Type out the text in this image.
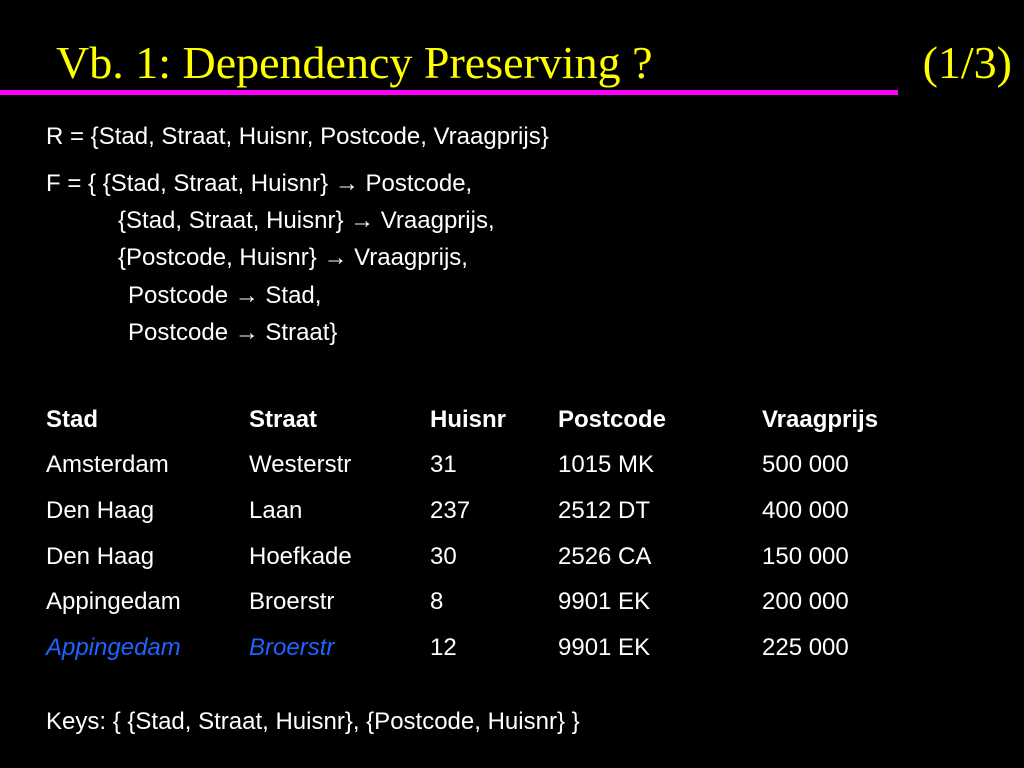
Vb. 1: Dependency Preserving ?	(1/3)
R = {Stad, Straat, Huisnr, Postcode, Vraagprijs}
F = { {Stad, Straat, Huisnr} → Postcode,
{Stad, Straat, Huisnr} → Vraagprijs,
{Postcode, Huisnr} → Vraagprijs,
Postcode → Stad,
Postcode → Straat}
Stad	Straat	Huisnr	Postcode	Vraagprijs
Amsterdam	Westerstr	31	1015 MK	500 000
Den Haag	Laan	237	2512 DT	400 000
Den Haag	Hoefkade	30	2526 CA	150 000
Appingedam	Broerstr	8	9901 EK	200 000
Appingedam	Broerstr	12	9901 EK	225 000
Keys: { {Stad, Straat, Huisnr}, {Postcode, Huisnr} }
